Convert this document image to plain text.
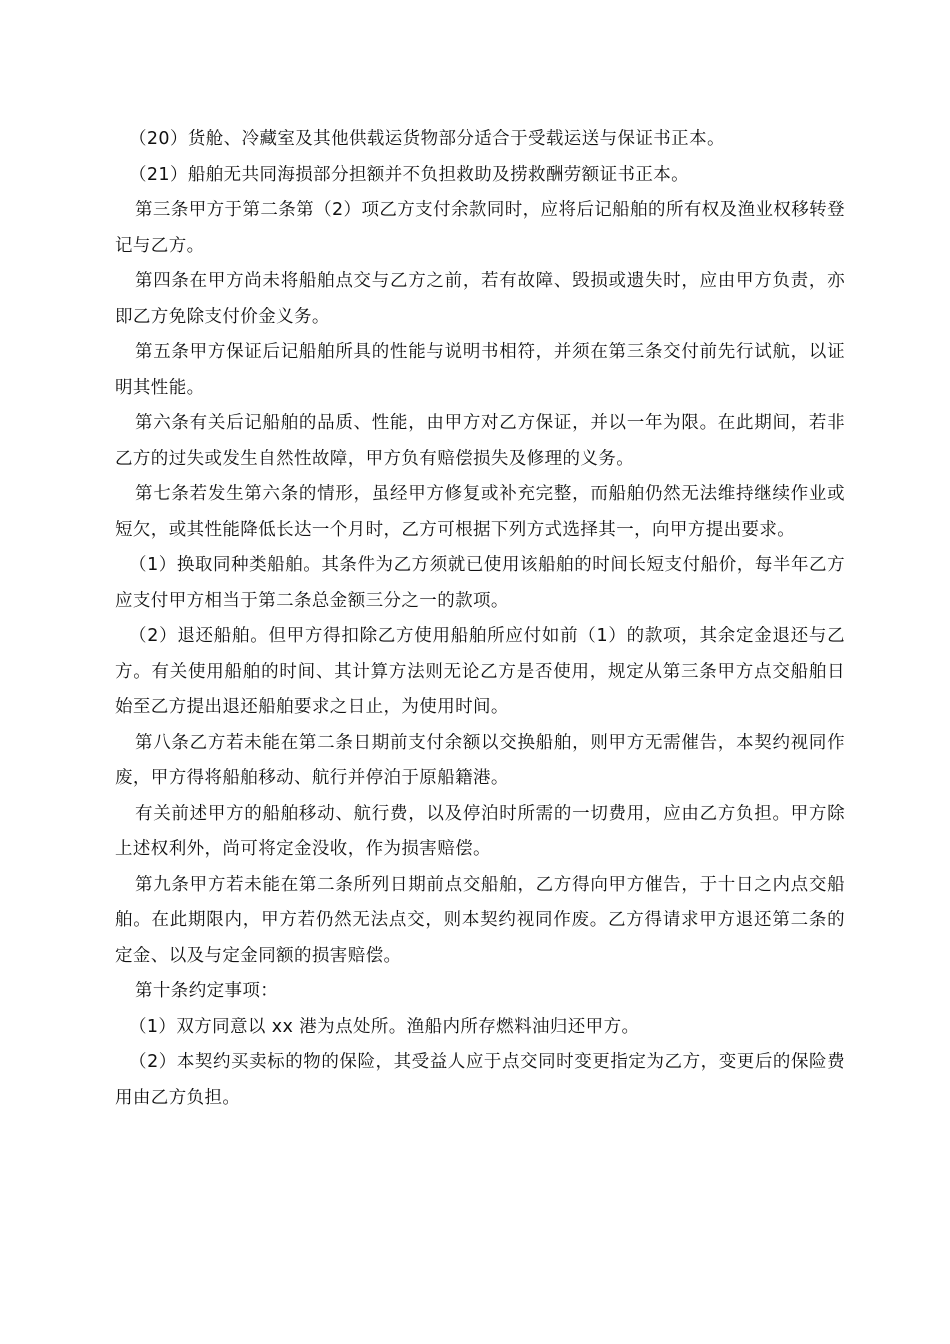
（20）货舱、冷藏室及其他供载运货物部分适合于受载运送与保证书正本。

（21）船舶无共同海损部分担额并不负担救助及捞救酬劳额证书正本。

第三条甲方于第二条第（2）项乙方支付余款同时，应将后记船舶的所有权及渔业权移转登记与乙方。

第四条在甲方尚未将船舶点交与乙方之前，若有故障、毁损或遗失时，应由甲方负责，亦即乙方免除支付价金义务。

第五条甲方保证后记船舶所具的性能与说明书相符，并须在第三条交付前先行试航，以证明其性能。

第六条有关后记船舶的品质、性能，由甲方对乙方保证，并以一年为限。在此期间，若非乙方的过失或发生自然性故障，甲方负有赔偿损失及修理的义务。

第七条若发生第六条的情形，虽经甲方修复或补充完整，而船舶仍然无法维持继续作业或短欠，或其性能降低长达一个月时，乙方可根据下列方式选择其一，向甲方提出要求。

（1）换取同种类船舶。其条件为乙方须就已使用该船舶的时间长短支付船价，每半年乙方应支付甲方相当于第二条总金额三分之一的款项。

（2）退还船舶。但甲方得扣除乙方使用船舶所应付如前（1）的款项，其余定金退还与乙方。有关使用船舶的时间、其计算方法则无论乙方是否使用，规定从第三条甲方点交船舶日始至乙方提出退还船舶要求之日止，为使用时间。

第八条乙方若未能在第二条日期前支付余额以交换船舶，则甲方无需催告，本契约视同作废，甲方得将船舶移动、航行并停泊于原船籍港。

有关前述甲方的船舶移动、航行费，以及停泊时所需的一切费用，应由乙方负担。甲方除上述权利外，尚可将定金没收，作为损害赔偿。

第九条甲方若未能在第二条所列日期前点交船舶，乙方得向甲方催告，于十日之内点交船舶。在此期限内，甲方若仍然无法点交，则本契约视同作废。乙方得请求甲方退还第二条的定金、以及与定金同额的损害赔偿。

第十条约定事项：

（1）双方同意以 xx 港为点处所。渔船内所存燃料油归还甲方。

（2）本契约买卖标的物的保险，其受益人应于点交同时变更指定为乙方，变更后的保险费用由乙方负担。
